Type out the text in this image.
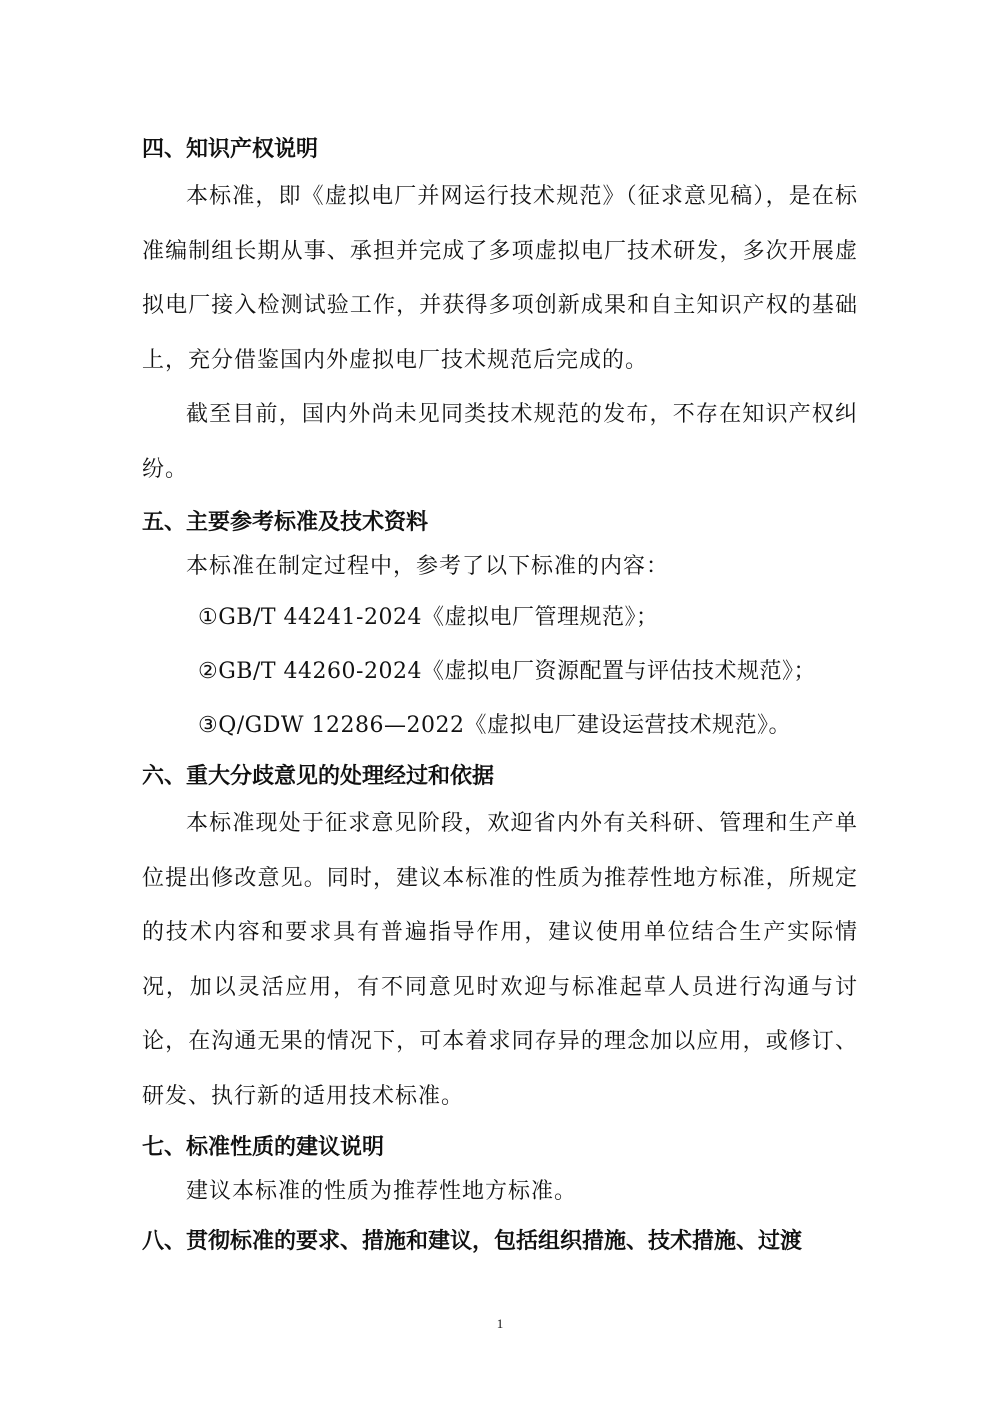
四、知识产权说明

本标准，即《虚拟电厂并网运行技术规范》（征求意见稿），是在标准编制组长期从事、承担并完成了多项虚拟电厂技术研发，多次开展虚拟电厂接入检测试验工作，并获得多项创新成果和自主知识产权的基础上，充分借鉴国内外虚拟电厂技术规范后完成的。

截至目前，国内外尚未见同类技术规范的发布，不存在知识产权纠纷。

五、主要参考标准及技术资料

本标准在制定过程中，参考了以下标准的内容：

①GB/T 44241-2024《虚拟电厂管理规范》；

②GB/T 44260-2024《虚拟电厂资源配置与评估技术规范》；

③Q/GDW 12286—2022《虚拟电厂建设运营技术规范》。

六、重大分歧意见的处理经过和依据

本标准现处于征求意见阶段，欢迎省内外有关科研、管理和生产单位提出修改意见。同时，建议本标准的性质为推荐性地方标准，所规定的技术内容和要求具有普遍指导作用，建议使用单位结合生产实际情况，加以灵活应用，有不同意见时欢迎与标准起草人员进行沟通与讨论，在沟通无果的情况下，可本着求同存异的理念加以应用，或修订、研发、执行新的适用技术标准。

七、标准性质的建议说明

建议本标准的性质为推荐性地方标准。

八、贯彻标准的要求、措施和建议，包括组织措施、技术措施、过渡
1
